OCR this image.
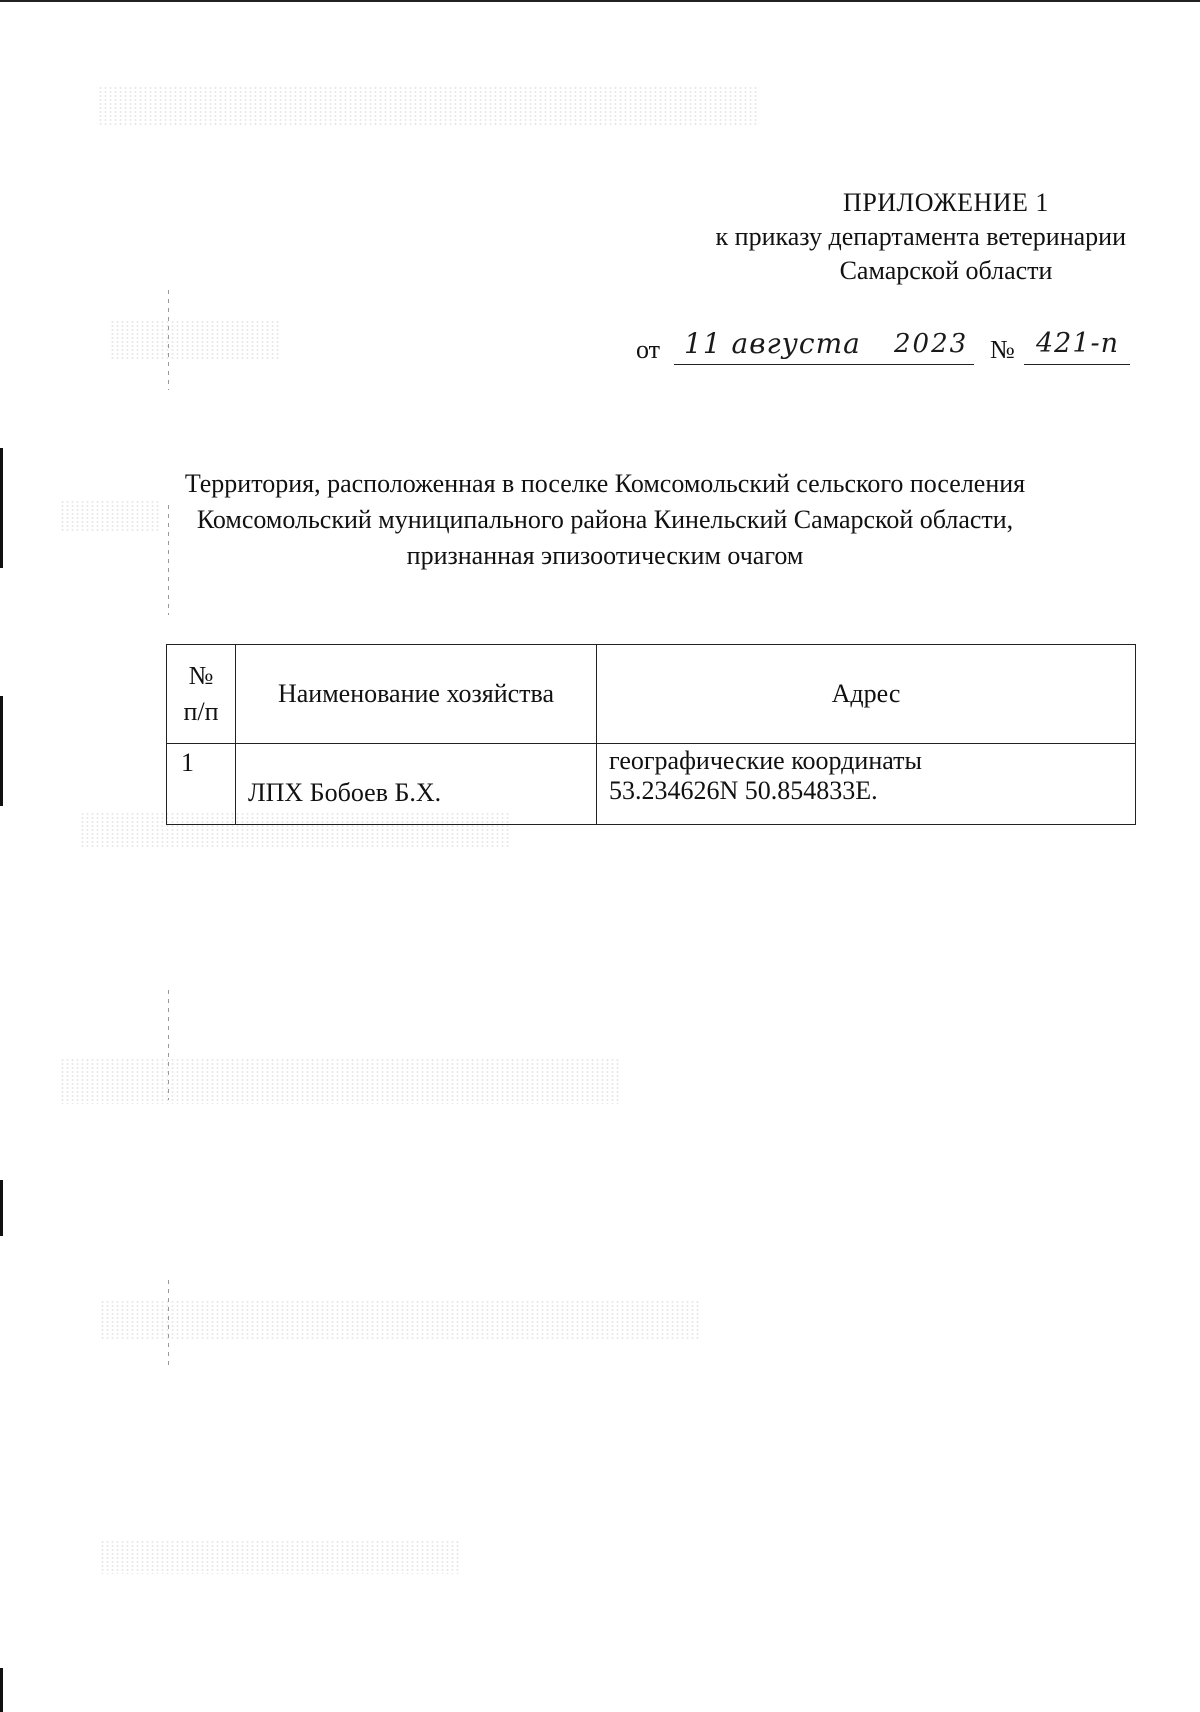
ПРИЛОЖЕНИЕ 1
к приказу департамента ветеринарии
Самарской области
от 11 августа 2023 № 421-п
Территория, расположенная в поселке Комсомольский сельского поселения
Комсомольский муниципального района Кинельский Самарской области,
признанная эпизоотическим очагом
№
п/п	Наименование хозяйства	Адрес
1	ЛПХ Бобоев Б.Х.	географические координаты
53.234626N 50.854833E.
